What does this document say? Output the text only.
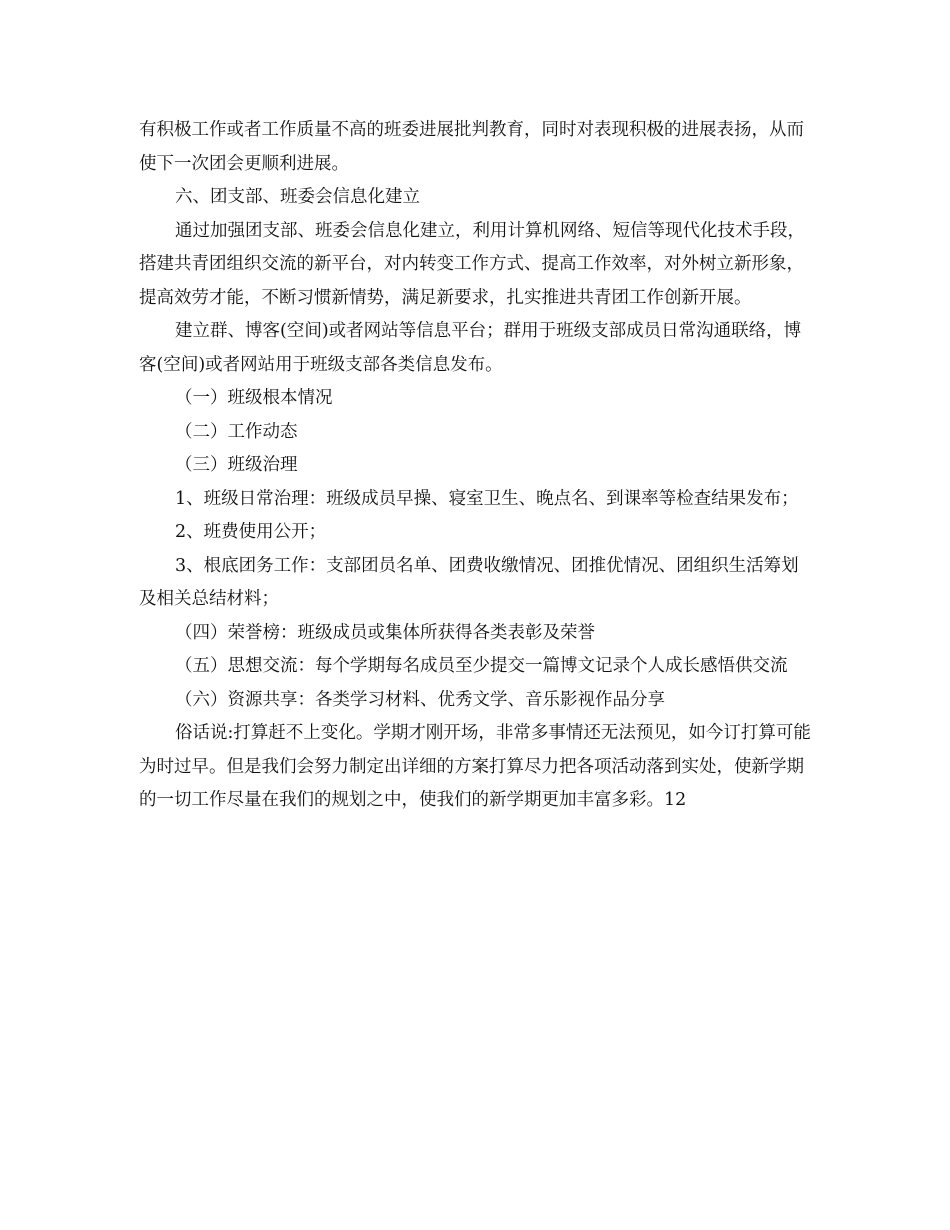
有积极工作或者工作质量不高的班委进展批判教育，同时对表现积极的进展表扬，从而使下一次团会更顺利进展。

六、团支部、班委会信息化建立

通过加强团支部、班委会信息化建立，利用计算机网络、短信等现代化技术手段，搭建共青团组织交流的新平台，对内转变工作方式、提高工作效率，对外树立新形象，提高效劳才能，不断习惯新情势，满足新要求，扎实推进共青团工作创新开展。

建立群、博客(空间)或者网站等信息平台；群用于班级支部成员日常沟通联络，博客(空间)或者网站用于班级支部各类信息发布。

（一）班级根本情况

（二）工作动态

（三）班级治理

1、班级日常治理：班级成员早操、寝室卫生、晚点名、到课率等检查结果发布；

2、班费使用公开；

3、根底团务工作：支部团员名单、团费收缴情况、团推优情况、团组织生活筹划及相关总结材料；

（四）荣誉榜：班级成员或集体所获得各类表彰及荣誉

（五）思想交流：每个学期每名成员至少提交一篇博文记录个人成长感悟供交流

（六）资源共享：各类学习材料、优秀文学、音乐影视作品分享

俗话说:打算赶不上变化。学期才刚开场，非常多事情还无法预见，如今订打算可能为时过早。但是我们会努力制定出详细的方案打算尽力把各项活动落到实处，使新学期的一切工作尽量在我们的规划之中，使我们的新学期更加丰富多彩。12
